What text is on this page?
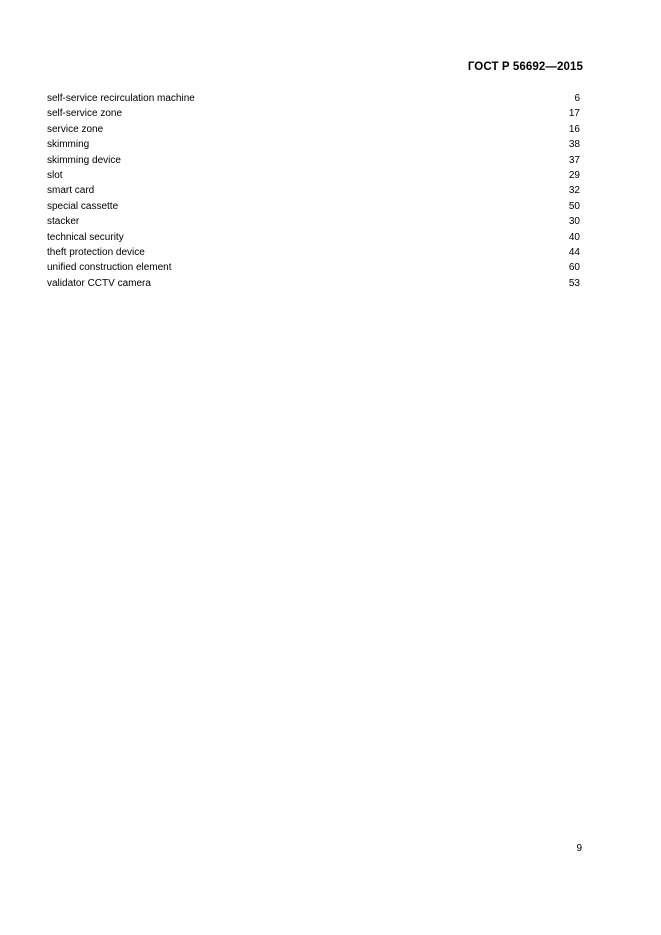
ГОСТ Р 56692—2015
self-service recirculation machine	6
self-service zone	17
service zone	16
skimming	38
skimming device	37
slot	29
smart card	32
special cassette	50
stacker	30
technical security	40
theft protection device	44
unified construction element	60
validator CCTV camera	53
9
